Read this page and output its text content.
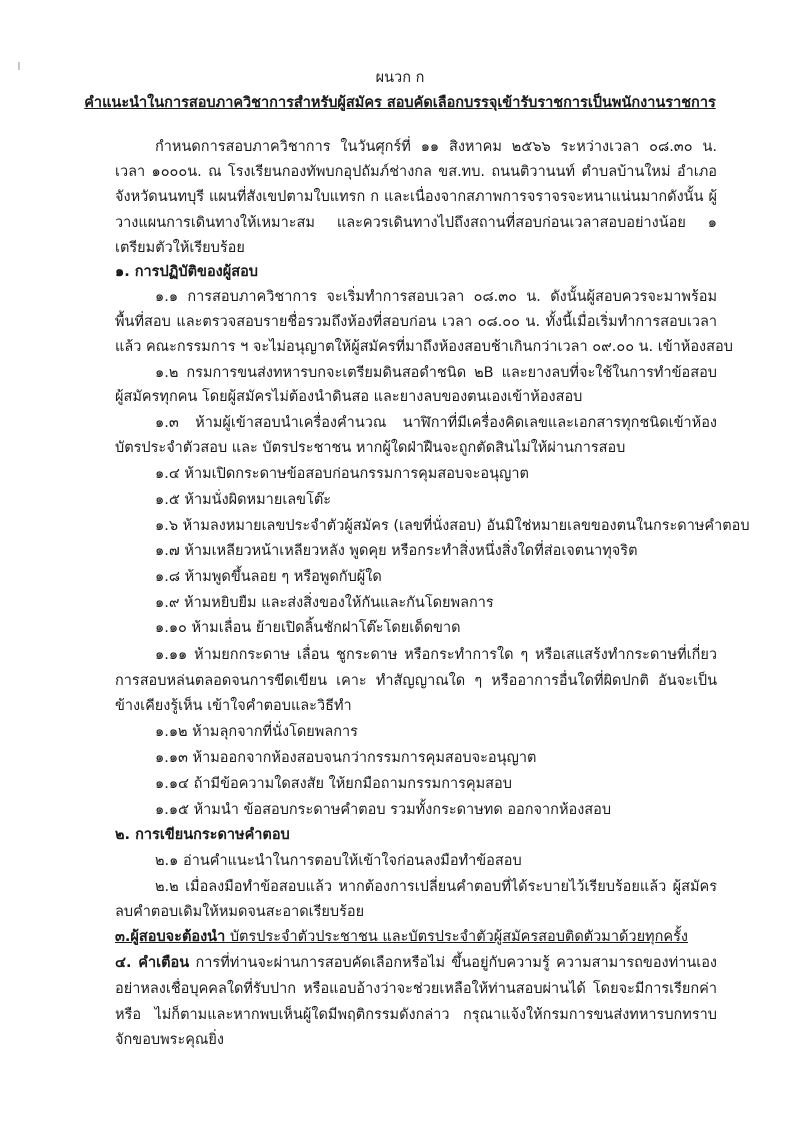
ผนวก ก
คำแนะนำในการสอบภาควิชาการสำหรับผู้สมัคร สอบคัดเลือกบรรจุเข้ารับราชการเป็นพนักงานราชการ
กำหนดการสอบภาควิชาการ ในวันศุกร์ที่ ๑๑ สิงหาคม ๒๕๖๖ ระหว่างเวลา ๐๘.๓๐ น.
เวลา ๑๐๐๐น. ณ โรงเรียนกองทัพบกอุปถัมภ์ช่างกล ขส.ทบ. ถนนติวานนท์ ตำบลบ้านใหม่ อำเภอ
จังหวัดนนทบุรี แผนที่สังเขปตามใบแทรก ก และเนื่องจากสภาพการจราจรจะหนาแน่นมากดังนั้น ผู้
วางแผนการเดินทางให้เหมาะสม และควรเดินทางไปถึงสถานที่สอบก่อนเวลาสอบอย่างน้อย ๑
เตรียมตัวให้เรียบร้อย
๑. การปฏิบัติของผู้สอบ
๑.๑ การสอบภาควิชาการ จะเริ่มทำการสอบเวลา ๐๘.๓๐ น. ดังนั้นผู้สอบควรจะมาพร้อม
พื้นที่สอบ และตรวจสอบรายชื่อรวมถึงห้องที่สอบก่อน เวลา ๐๘.๐๐ น. ทั้งนี้เมื่อเริ่มทำการสอบเวลา
แล้ว คณะกรรมการ ฯ จะไม่อนุญาตให้ผู้สมัครที่มาถึงห้องสอบช้าเกินกว่าเวลา ๐๙.๐๐ น. เข้าห้องสอบ
๑.๒ กรมการขนส่งทหารบกจะเตรียมดินสอดำชนิด ๒B และยางลบที่จะใช้ในการทำข้อสอบ
ผู้สมัครทุกคน โดยผู้สมัครไม่ต้องนำดินสอ และยางลบของตนเองเข้าห้องสอบ
๑.๓ ห้ามผู้เข้าสอบนำเครื่องคำนวณ นาฬิกาที่มีเครื่องคิดเลขและเอกสารทุกชนิดเข้าห้อง
บัตรประจำตัวสอบ และ บัตรประชาชน หากผู้ใดฝ่าฝืนจะถูกตัดสินไม่ให้ผ่านการสอบ
๑.๔ ห้ามเปิดกระดาษข้อสอบก่อนกรรมการคุมสอบจะอนุญาต
๑.๕ ห้ามนั่งผิดหมายเลขโต๊ะ
๑.๖ ห้ามลงหมายเลขประจำตัวผู้สมัคร (เลขที่นั่งสอบ) อันมิใช่หมายเลขของตนในกระดาษคำตอบ
๑.๗ ห้ามเหลียวหน้าเหลียวหลัง พูดคุย หรือกระทำสิ่งหนึ่งสิ่งใดที่ส่อเจตนาทุจริต
๑.๘ ห้ามพูดขึ้นลอย ๆ หรือพูดกับผู้ใด
๑.๙ ห้ามหยิบยืม และส่งสิ่งของให้กันและกันโดยพลการ
๑.๑๐ ห้ามเลื่อน ย้ายเปิดลิ้นชักฝาโต๊ะโดยเด็ดขาด
๑.๑๑ ห้ามยกกระดาษ เลื่อน ชูกระดาษ หรือกระทำการใด ๆ หรือเสแสร้งทำกระดาษที่เกี่ยว
การสอบหล่นตลอดจนการขีดเขียน เคาะ ทำสัญญาณใด ๆ หรืออาการอื่นใดที่ผิดปกติ อันจะเป็น
ข้างเคียงรู้เห็น เข้าใจคำตอบและวิธีทำ
๑.๑๒ ห้ามลุกจากที่นั่งโดยพลการ
๑.๑๓ ห้ามออกจากห้องสอบจนกว่ากรรมการคุมสอบจะอนุญาต
๑.๑๔ ถ้ามีข้อความใดสงสัย ให้ยกมือถามกรรมการคุมสอบ
๑.๑๕ ห้ามนำ ข้อสอบกระดาษคำตอบ รวมทั้งกระดาษทด ออกจากห้องสอบ
๒. การเขียนกระดาษคำตอบ
๒.๑ อ่านคำแนะนำในการตอบให้เข้าใจก่อนลงมือทำข้อสอบ
๒.๒ เมื่อลงมือทำข้อสอบแล้ว หากต้องการเปลี่ยนคำตอบที่ได้ระบายไว้เรียบร้อยแล้ว ผู้สมัคร
ลบคำตอบเดิมให้หมดจนสะอาดเรียบร้อย
๓.ผู้สอบจะต้องนำ บัตรประจำตัวประชาชน และบัตรประจำตัวผู้สมัครสอบติดตัวมาด้วยทุกครั้ง
๔. คำเตือน การที่ท่านจะผ่านการสอบคัดเลือกหรือไม่ ขึ้นอยู่กับความรู้ ความสามารถของท่านเอง
อย่าหลงเชื่อบุคคลใดที่รับปาก หรือแอบอ้างว่าจะช่วยเหลือให้ท่านสอบผ่านได้ โดยจะมีการเรียกค่า
หรือ ไม่ก็ตามและหากพบเห็นผู้ใดมีพฤติกรรมดังกล่าว กรุณาแจ้งให้กรมการขนส่งทหารบกทราบ
จักขอบพระคุณยิ่ง
